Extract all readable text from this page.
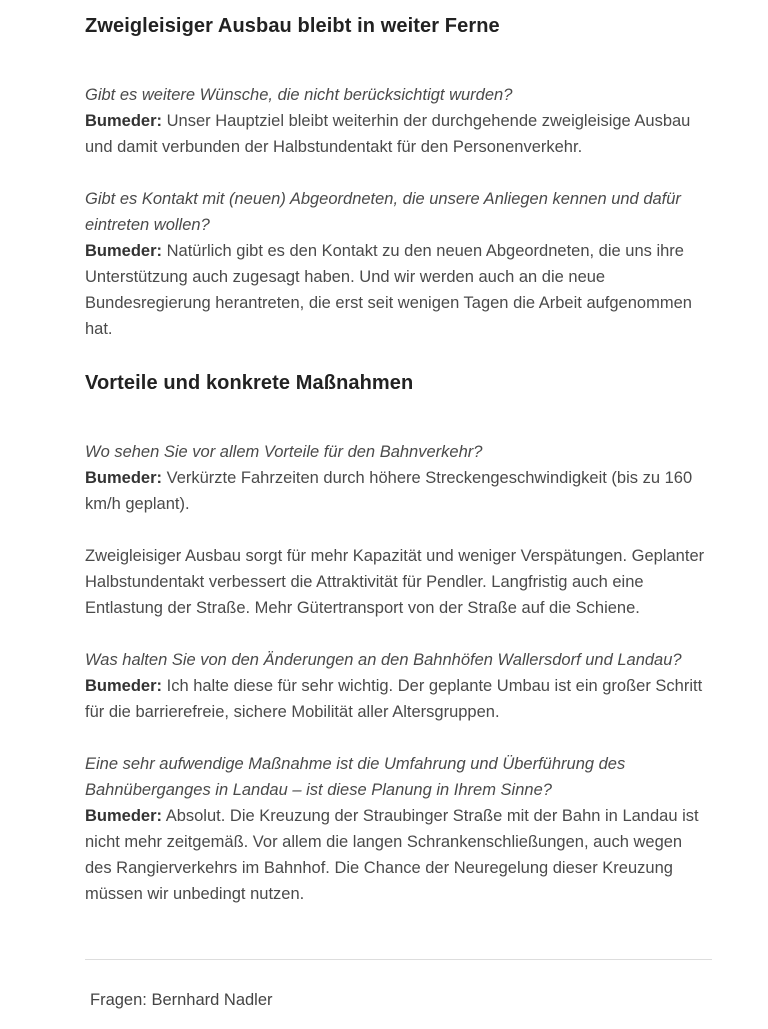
Zweigleisiger Ausbau bleibt in weiter Ferne

Gibt es weitere Wünsche, die nicht berücksichtigt wurden?

Bumeder: Unser Hauptziel bleibt weiterhin der durchgehende zweigleisige Ausbau und damit verbunden der Halbstundentakt für den Personenverkehr.

Gibt es Kontakt mit (neuen) Abgeordneten, die unsere Anliegen kennen und dafür eintreten wollen?

Bumeder: Natürlich gibt es den Kontakt zu den neuen Abgeordneten, die uns ihre Unterstützung auch zugesagt haben. Und wir werden auch an die neue Bundesregierung herantreten, die erst seit wenigen Tagen die Arbeit aufgenommen hat.

Vorteile und konkrete Maßnahmen

Wo sehen Sie vor allem Vorteile für den Bahnverkehr?

Bumeder: Verkürzte Fahrzeiten durch höhere Streckengeschwindigkeit (bis zu 160 km/h geplant).

Zweigleisiger Ausbau sorgt für mehr Kapazität und weniger Verspätungen. Geplanter Halbstundentakt verbessert die Attraktivität für Pendler. Langfristig auch eine Entlastung der Straße. Mehr Gütertransport von der Straße auf die Schiene.

Was halten Sie von den Änderungen an den Bahnhöfen Wallersdorf und Landau?

Bumeder: Ich halte diese für sehr wichtig. Der geplante Umbau ist ein großer Schritt für die barrierefreie, sichere Mobilität aller Altersgruppen.

Eine sehr aufwendige Maßnahme ist die Umfahrung und Überführung des Bahnüberganges in Landau – ist diese Planung in Ihrem Sinne?

Bumeder: Absolut. Die Kreuzung der Straubinger Straße mit der Bahn in Landau ist nicht mehr zeitgemäß. Vor allem die langen Schrankenschließungen, auch wegen des Rangierverkehrs im Bahnhof. Die Chance der Neuregelung dieser Kreuzung müssen wir unbedingt nutzen.

Fragen: Bernhard Nadler
